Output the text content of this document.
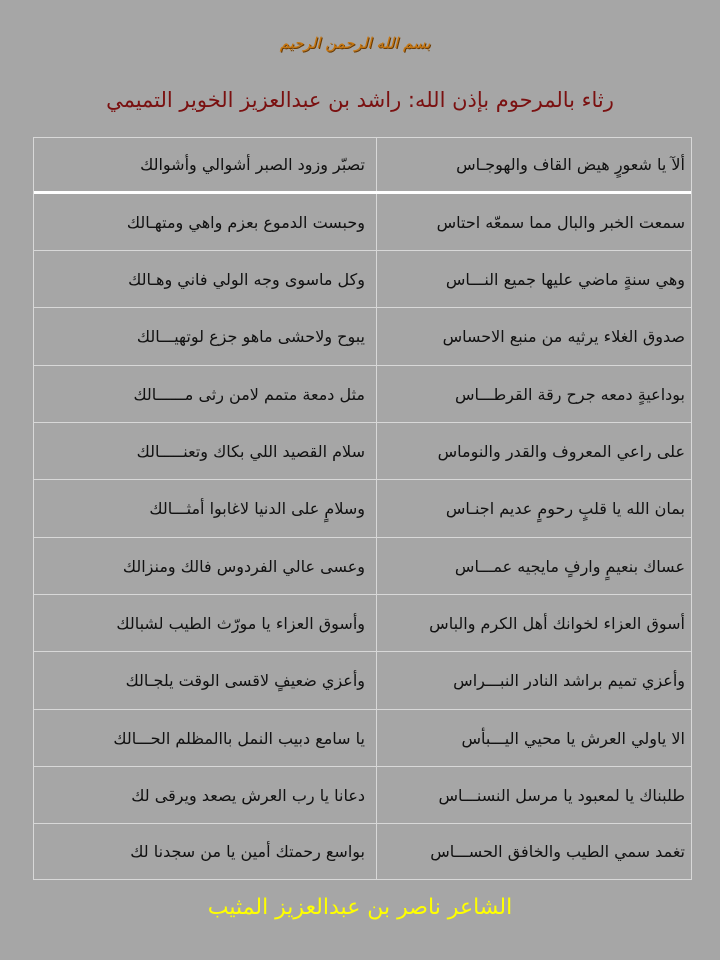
بسم الله الرحمن الرحيم
رثاء بالمرحوم بإذن الله: راشد بن عبدالعزيز الخوير التميمي
ألآ يا شعورٍ هيض القاف والهوجـاس
تصبّر وزود الصبر أشوالي وأشوالك
سمعت الخبر والبال مما سمعّه احتاس
وحبست الدموع بعزم واهي ومتهـالك
وهي سنةٍ ماضي عليها جميع النـــاس
وكل ماسوى وجه الولي فاني وهـالك
صدوق الغلاء يرثيه من منبع الاحساس
يبوح ولاحشى ماهو جزع لوتهيـــالك
بوداعيةٍ دمعه جرح رقة القرطـــاس
مثل دمعة متمم لامن رثى مــــــالك
على راعي المعروف والقدر والنوماس
سلام القصيد اللي بكاك وتعنـــــالك
بمان الله يا قلبٍ رحومٍ عديم اجنـاس
وسلامٍ على الدنيا لاغابوا أمثـــالك
عساك بنعيمٍ وارفٍ مايجيه عمـــاس
وعسى عالي الفردوس فالك ومنزالك
أسوق العزاء لخوانك أهل الكرم والباس
وأسوق العزاء يا مورّث الطيب لشبالك
وأعزي تميم براشد النادر النبـــراس
وأعزي ضعيفٍ لاقسى الوقت يلجـالك
الا ياولي العرش يا محيي اليـــبأس
يا سامع دبيب النمل باالمظلم الحـــالك
طلبناك يا لمعبود يا مرسل النسنـــاس
دعانا يا رب العرش يصعد ويرقى لك
تغمد سمي الطيب والخافق الحســـاس
بواسع رحمتك أمين يا من سجدنا لك
الشاعر ناصر بن عبدالعزيز المثيب
